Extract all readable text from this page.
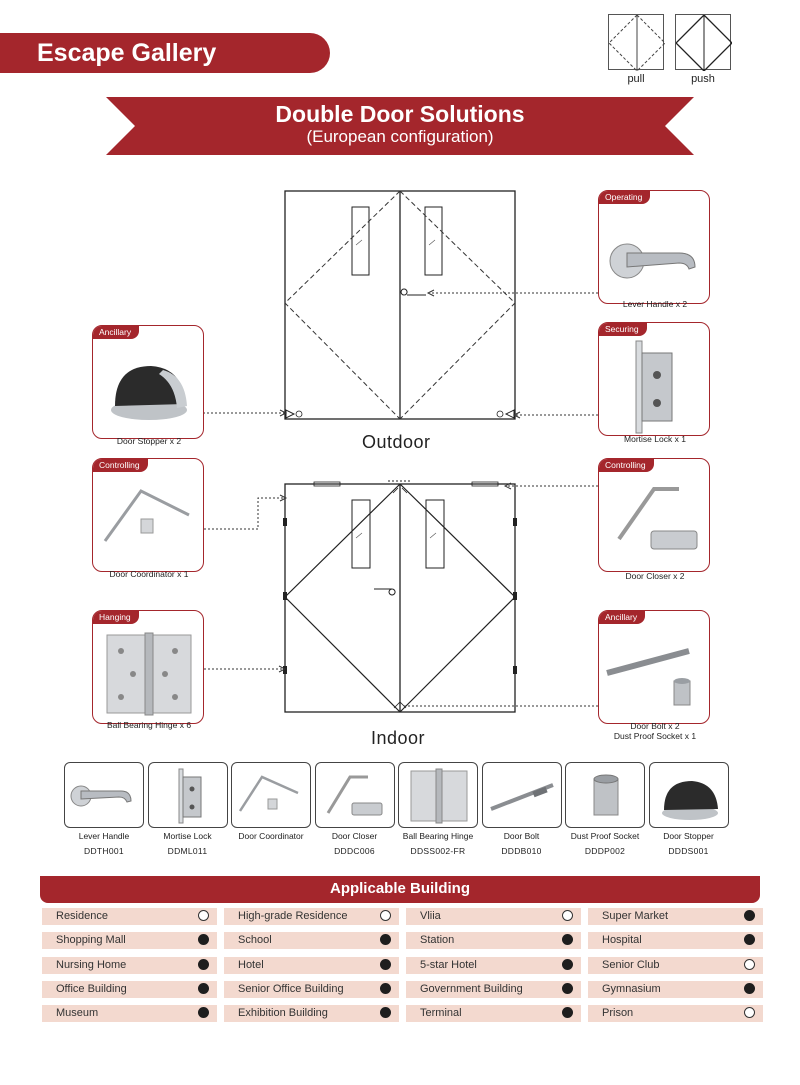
Escape Gallery
pull	push
Double Door Solutions
(European configuration)
Outdoor
Indoor
Operating
Lever Handle x 2
Securing
Mortise Lock x 1
Controlling
Door Closer x 2
Ancillary
Door Bolt x 2
Dust Proof Socket x 1
Ancillary
Door Stopper x 2
Controlling
Door Coordinator x 1
Hanging
Ball Bearing Hinge x 6
Lever Handle
DDTH001
Mortise Lock
DDML011
Door Coordinator	Door Closer
DDDC006
Ball Bearing Hinge
DDSS002-FR
Door Bolt
DDDB010
Dust Proof Socket
DDDP002
Door Stopper
DDDS001
Applicable Building
Residence	High-grade Residence	Vliia	Super Market
Shopping Mall	School	Station	Hospital
Nursing Home	Hotel	5-star Hotel	Senior Club
Office Building	Senior Office Building	Government Building	Gymnasium
Museum	Exhibition Building	Terminal	Prison
